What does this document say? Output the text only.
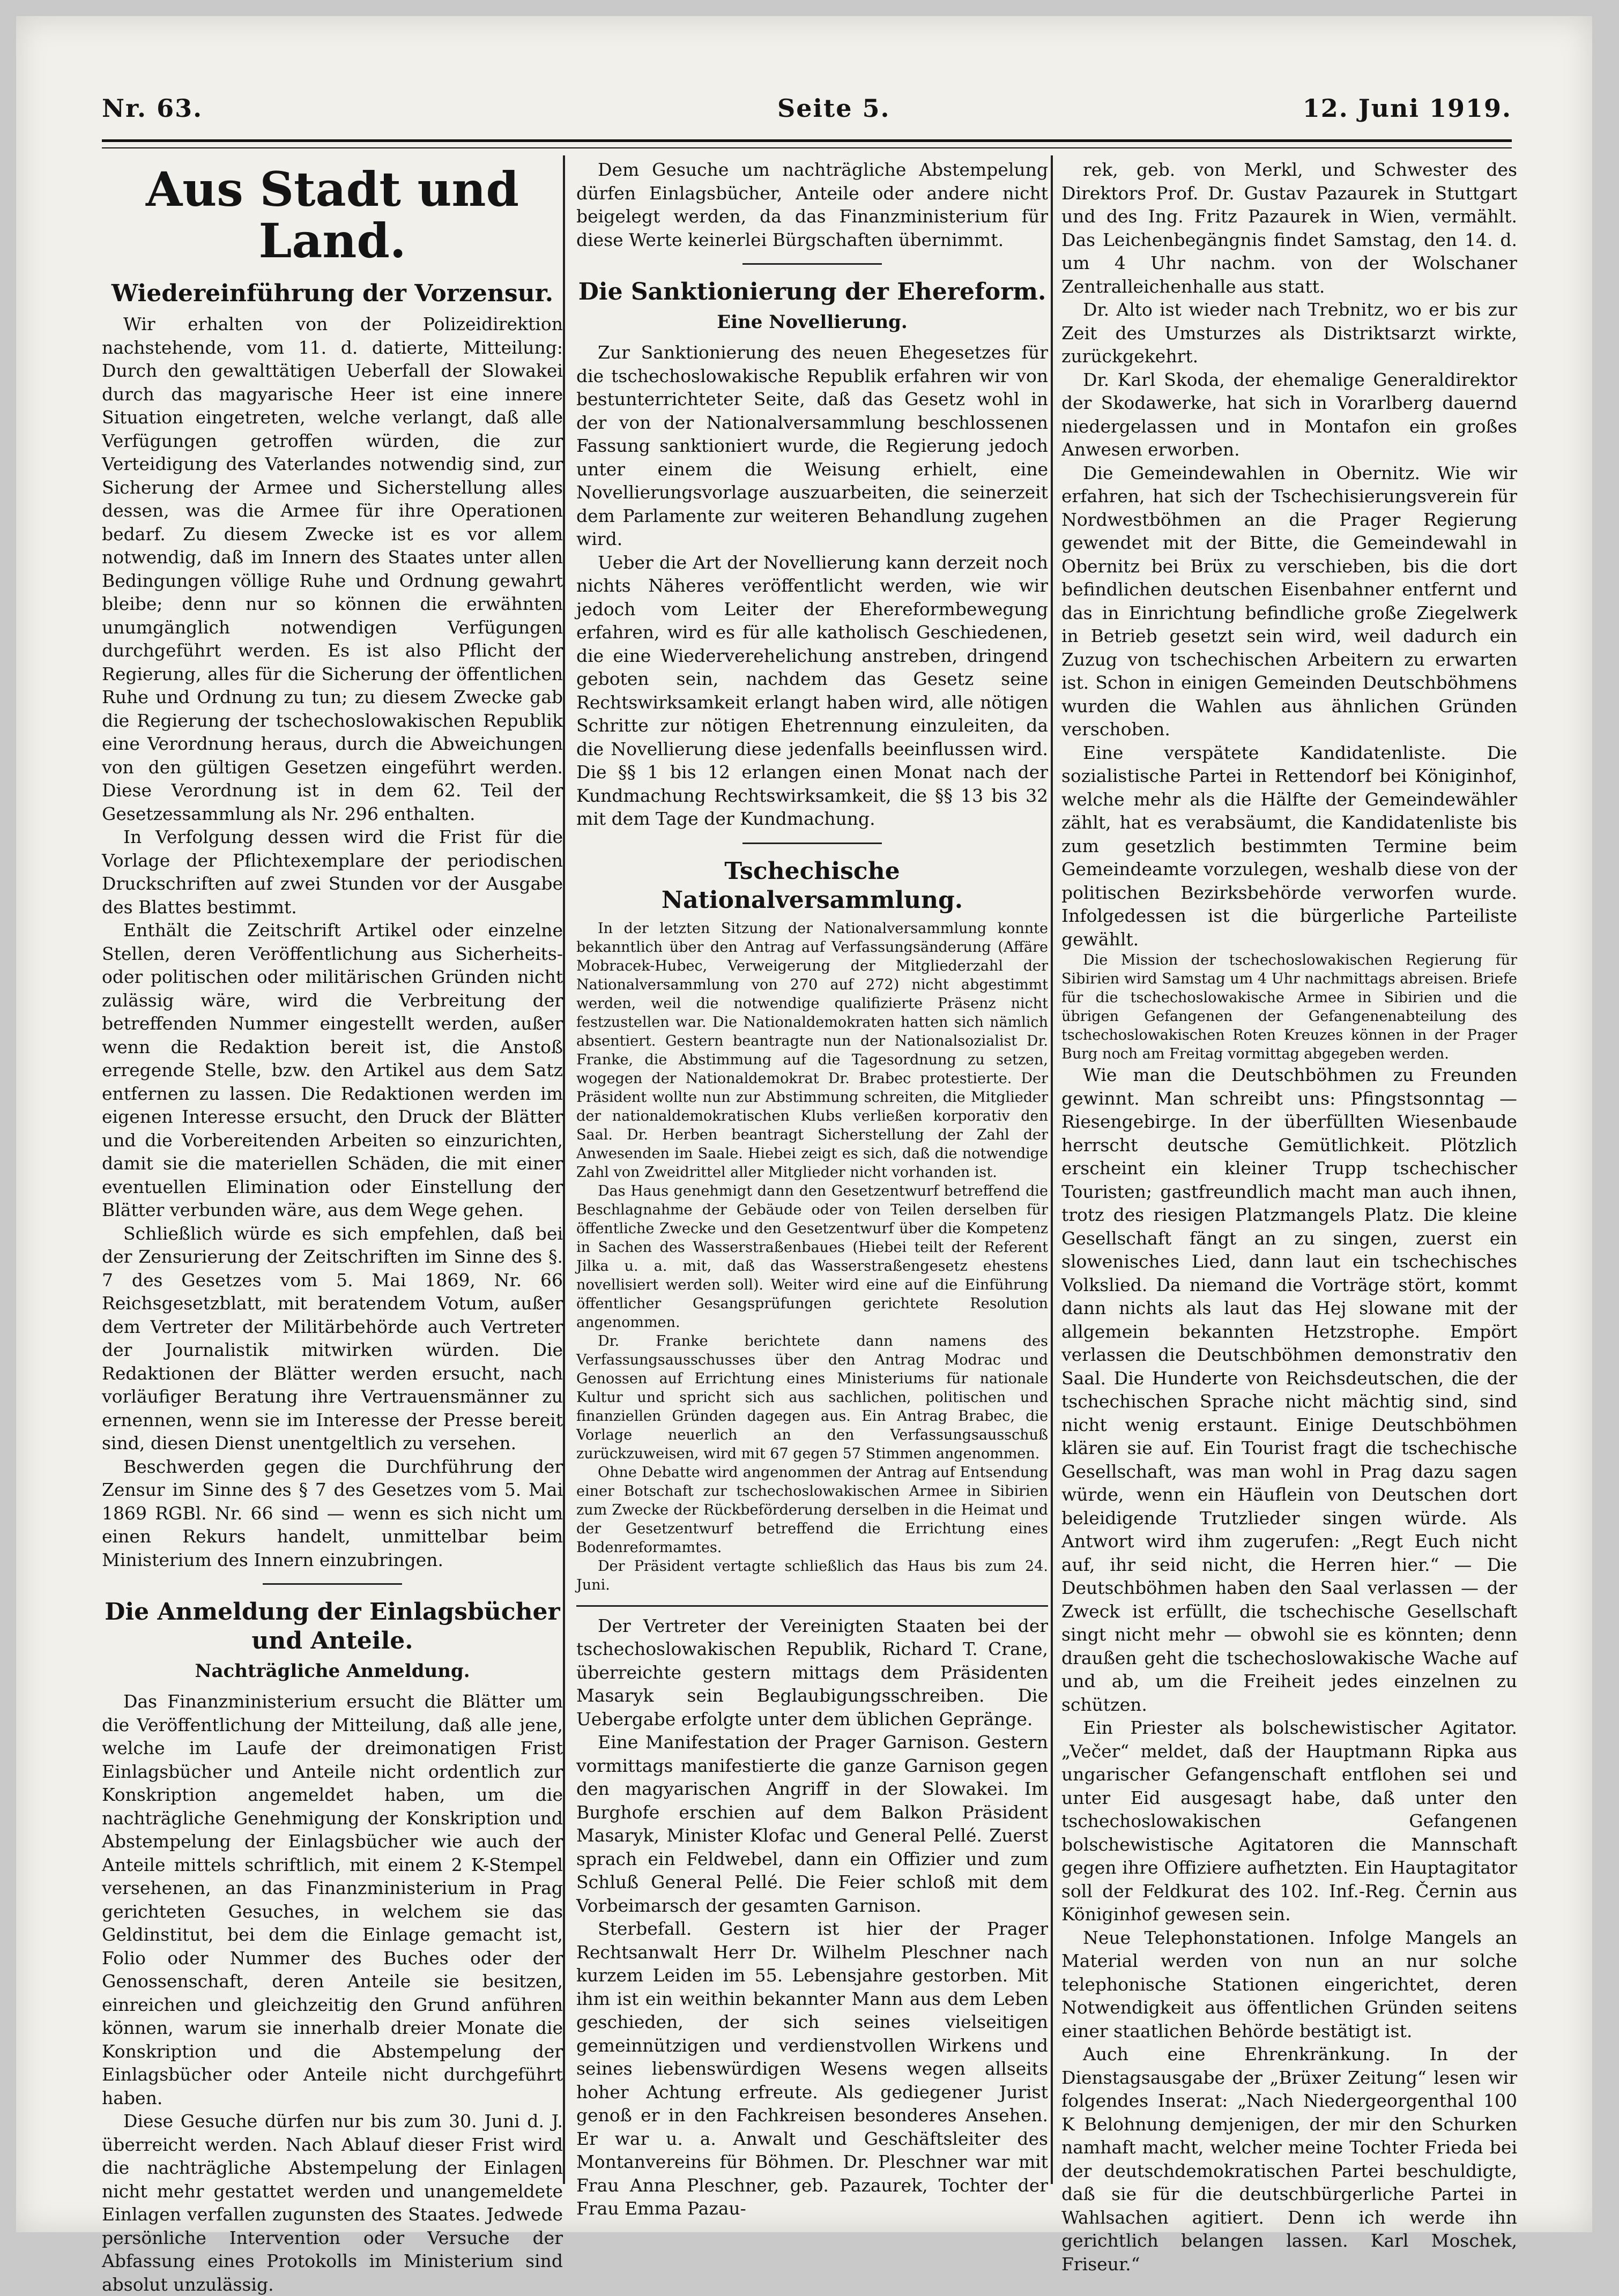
Nr. 63.	Seite 5.	12. Juni 1919.
Aus Stadt und Land.
Wiedereinführung der Vorzensur.

Wir erhalten von der Polizeidirektion nachstehende, vom 11. d. datierte, Mitteilung: Durch den gewalttätigen Ueberfall der Slowakei durch das magyarische Heer ist eine innere Situation eingetreten, welche verlangt, daß alle Verfügungen getroffen würden, die zur Verteidigung des Vaterlandes notwendig sind, zur Sicherung der Armee und Sicherstellung alles dessen, was die Armee für ihre Operationen bedarf. Zu diesem Zwecke ist es vor allem notwendig, daß im Innern des Staates unter allen Bedingungen völlige Ruhe und Ordnung gewahrt bleibe; denn nur so können die erwähnten unumgänglich notwendigen Verfügungen durchgeführt werden. Es ist also Pflicht der Regierung, alles für die Sicherung der öffentlichen Ruhe und Ordnung zu tun; zu diesem Zwecke gab die Regierung der tschechoslowakischen Republik eine Verordnung heraus, durch die Abweichungen von den gültigen Gesetzen eingeführt werden. Diese Verordnung ist in dem 62. Teil der Gesetzessammlung als Nr. 296 enthalten.

In Verfolgung dessen wird die Frist für die Vorlage der Pflichtexemplare der periodischen Druckschriften auf zwei Stunden vor der Ausgabe des Blattes bestimmt.

Enthält die Zeitschrift Artikel oder einzelne Stellen, deren Veröffentlichung aus Sicherheits- oder politischen oder militärischen Gründen nicht zulässig wäre, wird die Verbreitung der betreffenden Nummer eingestellt werden, außer wenn die Redaktion bereit ist, die Anstoß erregende Stelle, bzw. den Artikel aus dem Satz entfernen zu lassen. Die Redaktionen werden im eigenen Interesse ersucht, den Druck der Blätter und die Vorbereitenden Arbeiten so einzurichten, damit sie die materiellen Schäden, die mit einer eventuellen Elimination oder Einstellung der Blätter verbunden wäre, aus dem Wege gehen.

Schließlich würde es sich empfehlen, daß bei der Zensurierung der Zeitschriften im Sinne des §. 7 des Gesetzes vom 5. Mai 1869, Nr. 66 Reichsgesetzblatt, mit beratendem Votum, außer dem Vertreter der Militärbehörde auch Vertreter der Journalistik mitwirken würden. Die Redaktionen der Blätter werden ersucht, nach vorläufiger Beratung ihre Vertrauensmänner zu ernennen, wenn sie im Interesse der Presse bereit sind, diesen Dienst unentgeltlich zu versehen.

Beschwerden gegen die Durchführung der Zensur im Sinne des § 7 des Gesetzes vom 5. Mai 1869 RGBl. Nr. 66 sind — wenn es sich nicht um einen Rekurs handelt, unmittelbar beim Ministerium des Innern einzubringen.

Die Anmeldung der Einlagsbücher und Anteile.
Nachträgliche Anmeldung.

Das Finanzministerium ersucht die Blätter um die Veröffentlichung der Mitteilung, daß alle jene, welche im Laufe der dreimonatigen Frist Einlagsbücher und Anteile nicht ordentlich zur Konskription angemeldet haben, um die nachträgliche Genehmigung der Konskription und Abstempelung der Einlagsbücher wie auch der Anteile mittels schriftlich, mit einem 2 K-Stempel versehenen, an das Finanzministerium in Prag gerichteten Gesuches, in welchem sie das Geldinstitut, bei dem die Einlage gemacht ist, Folio oder Nummer des Buches oder der Genossenschaft, deren Anteile sie besitzen, einreichen und gleichzeitig den Grund anführen können, warum sie innerhalb dreier Monate die Konskription und die Abstempelung der Einlagsbücher oder Anteile nicht durchgeführt haben.

Diese Gesuche dürfen nur bis zum 30. Juni d. J. überreicht werden. Nach Ablauf dieser Frist wird die nachträgliche Abstempelung der Einlagen nicht mehr gestattet werden und unangemeldete Einlagen verfallen zugunsten des Staates. Jedwede persönliche Intervention oder Versuche der Abfassung eines Protokolls im Ministerium sind absolut unzulässig.

Dem Gesuche um nachträgliche Abstempelung dürfen Einlagsbücher, Anteile oder andere nicht beigelegt werden, da das Finanzministerium für diese Werte keinerlei Bürgschaften übernimmt.

Die Sanktionierung der Ehereform.
Eine Novellierung.

Zur Sanktionierung des neuen Ehegesetzes für die tschechoslowakische Republik erfahren wir von bestunterrichteter Seite, daß das Gesetz wohl in der von der Nationalversammlung beschlossenen Fassung sanktioniert wurde, die Regierung jedoch unter einem die Weisung erhielt, eine Novellierungsvorlage auszuarbeiten, die seinerzeit dem Parlamente zur weiteren Behandlung zugehen wird.

Ueber die Art der Novellierung kann derzeit noch nichts Näheres veröffentlicht werden, wie wir jedoch vom Leiter der Ehereformbewegung erfahren, wird es für alle katholisch Geschiedenen, die eine Wiederverehelichung anstreben, dringend geboten sein, nachdem das Gesetz seine Rechtswirksamkeit erlangt haben wird, alle nötigen Schritte zur nötigen Ehetrennung einzuleiten, da die Novellierung diese jedenfalls beeinflussen wird. Die §§ 1 bis 12 erlangen einen Monat nach der Kundmachung Rechtswirksamkeit, die §§ 13 bis 32 mit dem Tage der Kundmachung.

Tschechische Nationalversammlung.

In der letzten Sitzung der Nationalversammlung konnte bekanntlich über den Antrag auf Verfassungsänderung (Affäre Mobracek-Hubec, Verweigerung der Mitgliederzahl der Nationalversammlung von 270 auf 272) nicht abgestimmt werden, weil die notwendige qualifizierte Präsenz nicht festzustellen war. Die Nationaldemokraten hatten sich nämlich absentiert. Gestern beantragte nun der Nationalsozialist Dr. Franke, die Abstimmung auf die Tagesordnung zu setzen, wogegen der Nationaldemokrat Dr. Brabec protestierte. Der Präsident wollte nun zur Abstimmung schreiten, die Mitglieder der nationaldemokratischen Klubs verließen korporativ den Saal. Dr. Herben beantragt Sicherstellung der Zahl der Anwesenden im Saale. Hiebei zeigt es sich, daß die notwendige Zahl von Zweidrittel aller Mitglieder nicht vorhanden ist.

Das Haus genehmigt dann den Gesetzentwurf betreffend die Beschlagnahme der Gebäude oder von Teilen derselben für öffentliche Zwecke und den Gesetzentwurf über die Kompetenz in Sachen des Wasserstraßenbaues (Hiebei teilt der Referent Jilka u. a. mit, daß das Wasserstraßengesetz ehestens novellisiert werden soll). Weiter wird eine auf die Einführung öffentlicher Gesangsprüfungen gerichtete Resolution angenommen.

Dr. Franke berichtete dann namens des Verfassungsausschusses über den Antrag Modrac und Genossen auf Errichtung eines Ministeriums für nationale Kultur und spricht sich aus sachlichen, politischen und finanziellen Gründen dagegen aus. Ein Antrag Brabec, die Vorlage neuerlich an den Verfassungsausschuß zurückzuweisen, wird mit 67 gegen 57 Stimmen angenommen.

Ohne Debatte wird angenommen der Antrag auf Entsendung einer Botschaft zur tschechoslowakischen Armee in Sibirien zum Zwecke der Rückbeförderung derselben in die Heimat und der Gesetzentwurf betreffend die Errichtung eines Bodenreformamtes.

Der Präsident vertagte schließlich das Haus bis zum 24. Juni.

Der Vertreter der Vereinigten Staaten bei der tschechoslowakischen Republik, Richard T. Crane, überreichte gestern mittags dem Präsidenten Masaryk sein Beglaubigungsschreiben. Die Uebergabe erfolgte unter dem üblichen Gepränge.

Eine Manifestation der Prager Garnison. Gestern vormittags manifestierte die ganze Garnison gegen den magyarischen Angriff in der Slowakei. Im Burghofe erschien auf dem Balkon Präsident Masaryk, Minister Klofac und General Pellé. Zuerst sprach ein Feldwebel, dann ein Offizier und zum Schluß General Pellé. Die Feier schloß mit dem Vorbeimarsch der gesamten Garnison.

Sterbefall. Gestern ist hier der Prager Rechtsanwalt Herr Dr. Wilhelm Pleschner nach kurzem Leiden im 55. Lebensjahre gestorben. Mit ihm ist ein weithin bekannter Mann aus dem Leben geschieden, der sich seines vielseitigen gemeinnützigen und verdienstvollen Wirkens und seines liebenswürdigen Wesens wegen allseits hoher Achtung erfreute. Als gediegener Jurist genoß er in den Fachkreisen besonderes Ansehen. Er war u. a. Anwalt und Geschäftsleiter des Montanvereins für Böhmen. Dr. Pleschner war mit Frau Anna Pleschner, geb. Pazaurek, Tochter der Frau Emma Pazau-

rek, geb. von Merkl, und Schwester des Direktors Prof. Dr. Gustav Pazaurek in Stuttgart und des Ing. Fritz Pazaurek in Wien, vermählt. Das Leichenbegängnis findet Samstag, den 14. d. um 4 Uhr nachm. von der Wolschaner Zentralleichenhalle aus statt.

Dr. Alto ist wieder nach Trebnitz, wo er bis zur Zeit des Umsturzes als Distriktsarzt wirkte, zurückgekehrt.

Dr. Karl Skoda, der ehemalige Generaldirektor der Skodawerke, hat sich in Vorarlberg dauernd niedergelassen und in Montafon ein großes Anwesen erworben.

Die Gemeindewahlen in Obernitz. Wie wir erfahren, hat sich der Tschechisierungsverein für Nordwestböhmen an die Prager Regierung gewendet mit der Bitte, die Gemeindewahl in Obernitz bei Brüx zu verschieben, bis die dort befindlichen deutschen Eisenbahner entfernt und das in Einrichtung befindliche große Ziegelwerk in Betrieb gesetzt sein wird, weil dadurch ein Zuzug von tschechischen Arbeitern zu erwarten ist. Schon in einigen Gemeinden Deutschböhmens wurden die Wahlen aus ähnlichen Gründen verschoben.

Eine verspätete Kandidatenliste. Die sozialistische Partei in Rettendorf bei Königinhof, welche mehr als die Hälfte der Gemeindewähler zählt, hat es verabsäumt, die Kandidatenliste bis zum gesetzlich bestimmten Termine beim Gemeindeamte vorzulegen, weshalb diese von der politischen Bezirksbehörde verworfen wurde. Infolgedessen ist die bürgerliche Parteiliste gewählt.

Die Mission der tschechoslowakischen Regierung für Sibirien wird Samstag um 4 Uhr nachmittags abreisen. Briefe für die tschechoslowakische Armee in Sibirien und die übrigen Gefangenen der Gefangenenabteilung des tschechoslowakischen Roten Kreuzes können in der Prager Burg noch am Freitag vormittag abgegeben werden.

Wie man die Deutschböhmen zu Freunden gewinnt. Man schreibt uns: Pfingstsonntag — Riesengebirge. In der überfüllten Wiesenbaude herrscht deutsche Gemütlichkeit. Plötzlich erscheint ein kleiner Trupp tschechischer Touristen; gastfreundlich macht man auch ihnen, trotz des riesigen Platzmangels Platz. Die kleine Gesellschaft fängt an zu singen, zuerst ein slowenisches Lied, dann laut ein tschechisches Volkslied. Da niemand die Vorträge stört, kommt dann nichts als laut das Hej slowane mit der allgemein bekannten Hetzstrophe. Empört verlassen die Deutschböhmen demonstrativ den Saal. Die Hunderte von Reichsdeutschen, die der tschechischen Sprache nicht mächtig sind, sind nicht wenig erstaunt. Einige Deutschböhmen klären sie auf. Ein Tourist fragt die tschechische Gesellschaft, was man wohl in Prag dazu sagen würde, wenn ein Häuflein von Deutschen dort beleidigende Trutzlieder singen würde. Als Antwort wird ihm zugerufen: „Regt Euch nicht auf, ihr seid nicht, die Herren hier.“ — Die Deutschböhmen haben den Saal verlassen — der Zweck ist erfüllt, die tschechische Gesellschaft singt nicht mehr — obwohl sie es könnten; denn draußen geht die tschechoslowakische Wache auf und ab, um die Freiheit jedes einzelnen zu schützen.

Ein Priester als bolschewistischer Agitator. „Večer“ meldet, daß der Hauptmann Ripka aus ungarischer Gefangenschaft entflohen sei und unter Eid ausgesagt habe, daß unter den tschechoslowakischen Gefangenen bolschewistische Agitatoren die Mannschaft gegen ihre Offiziere aufhetzten. Ein Hauptagitator soll der Feldkurat des 102. Inf.-Reg. Černin aus Königinhof gewesen sein.

Neue Telephonstationen. Infolge Mangels an Material werden von nun an nur solche telephonische Stationen eingerichtet, deren Notwendigkeit aus öffentlichen Gründen seitens einer staatlichen Behörde bestätigt ist.

Auch eine Ehrenkränkung. In der Dienstagsausgabe der „Brüxer Zeitung“ lesen wir folgendes Inserat: „Nach Niedergeorgenthal 100 K Belohnung demjenigen, der mir den Schurken namhaft macht, welcher meine Tochter Frieda bei der deutschdemokratischen Partei beschuldigte, daß sie für die deutschbürgerliche Partei in Wahlsachen agitiert. Denn ich werde ihn gerichtlich belangen lassen. Karl Moschek, Friseur.“
